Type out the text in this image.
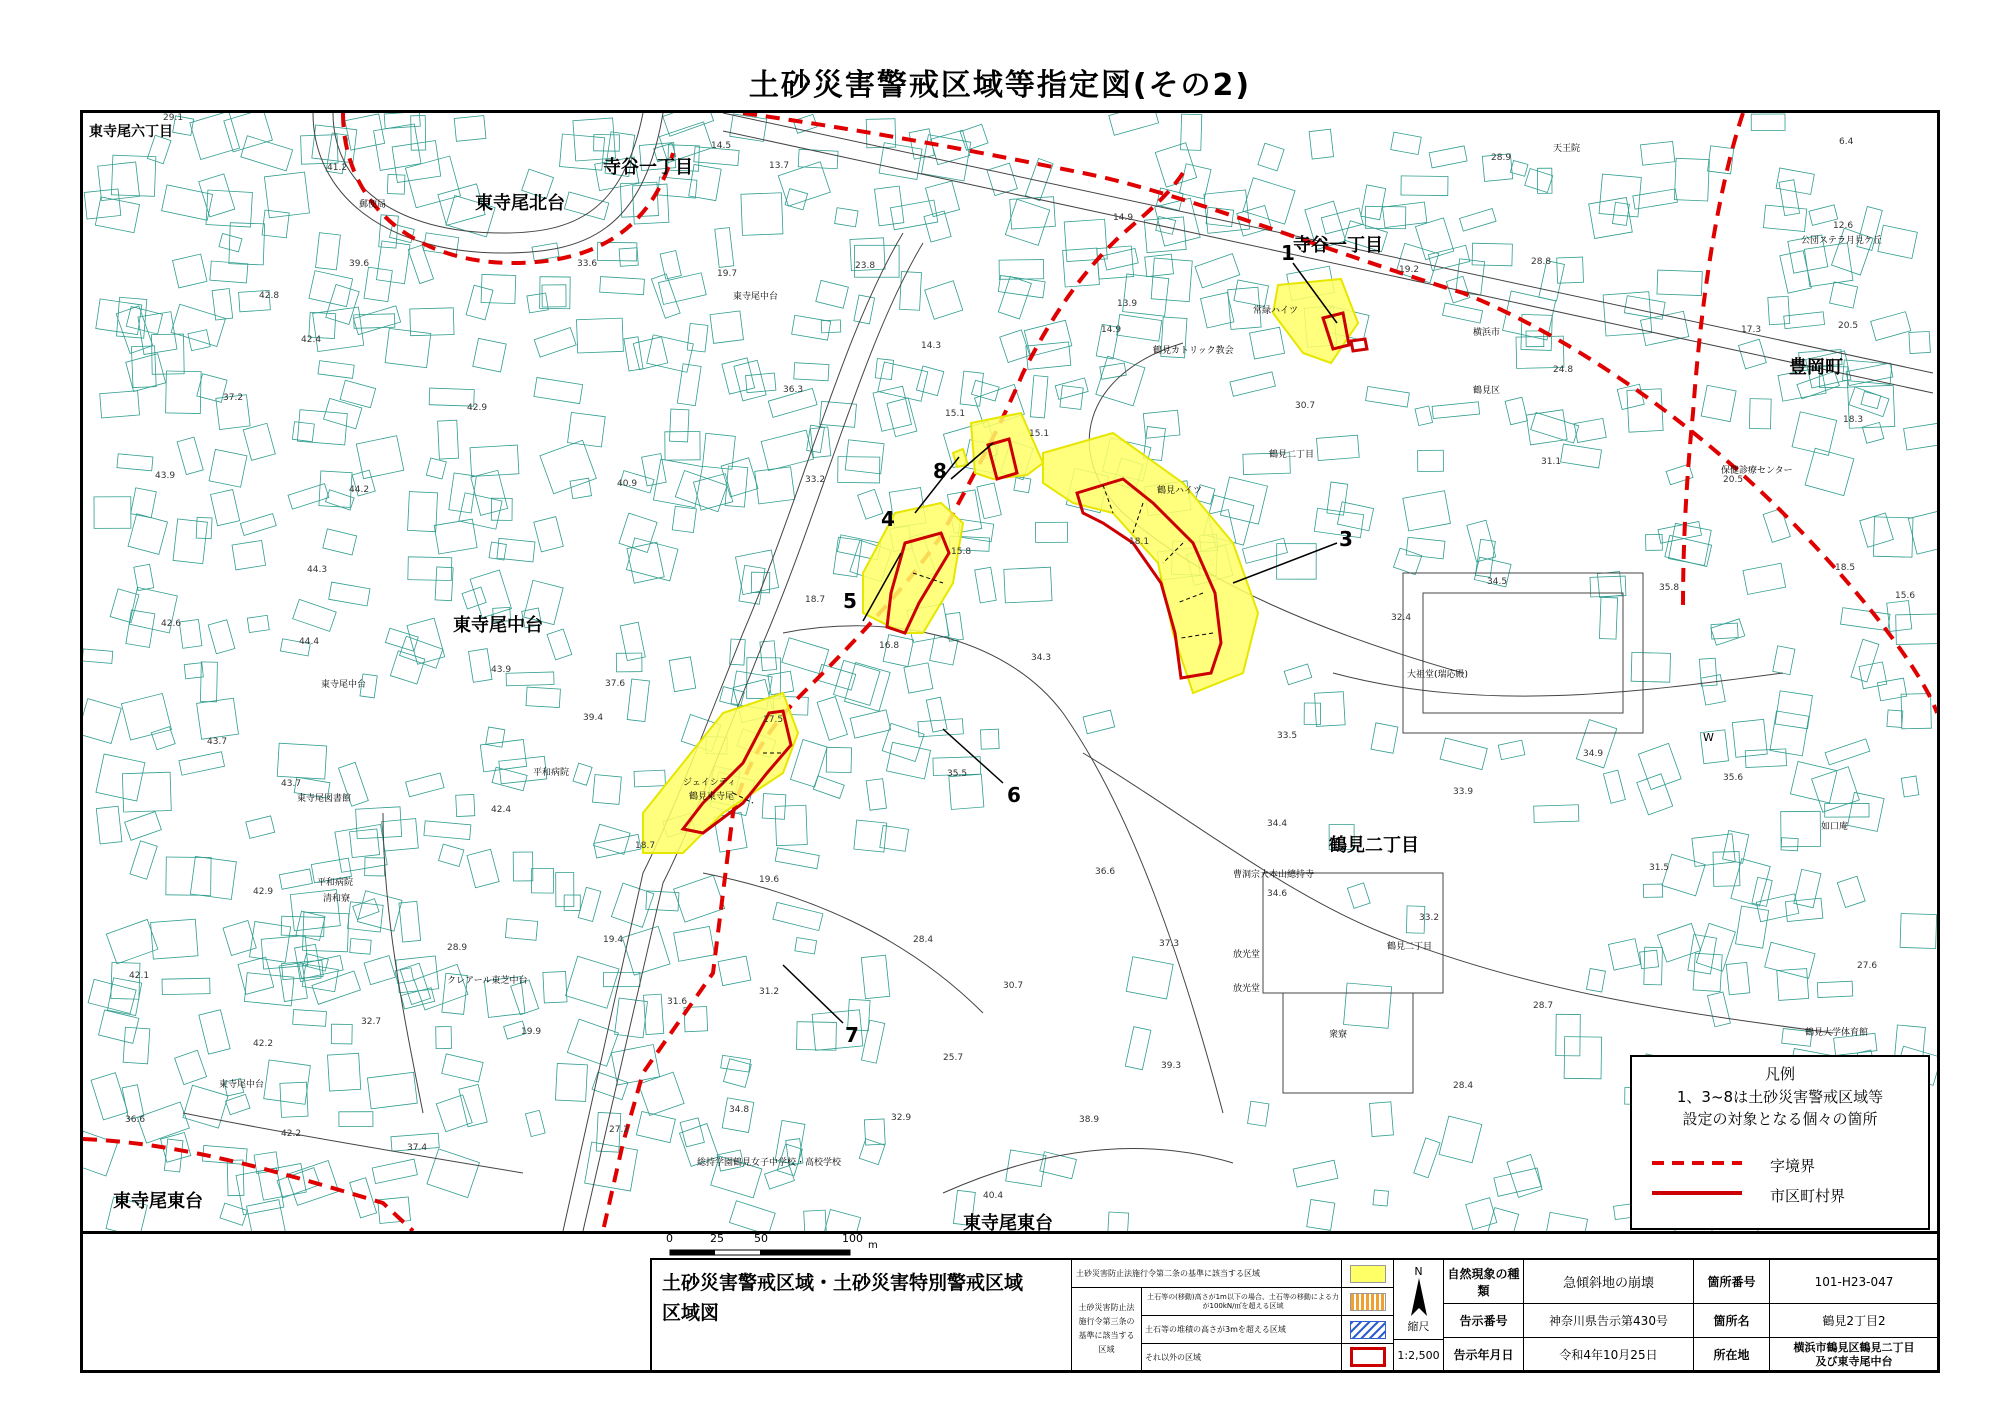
土砂災害警戒区域等指定図(その2)
東寺尾六丁目
東寺尾北台
寺谷一丁目
寺谷一丁目
豊岡町
東寺尾中台
鶴見二丁目
東寺尾東台
東寺尾東台
郵便局
東寺尾中台
鶴見カトリック教会
常緑ハイツ
横浜市
鶴見区
天王院
公団ステラ月見ケ丘
保健診療センター
鶴見二丁目
鶴見ハイツ
大祖堂(瑞応殿)
東寺尾中台
平和病院
東寺尾図書館
ジェイシティ
鶴見東寺尾
平和病院
清和寮
クレアール東芝中台
東寺尾中台
曹洞宗大本山總持寺
鶴見二丁目
放光堂
放光堂
衆寮
如口庵
鶴見大学体育館
総持学園鶴見女子中学校・高校学校
W
29.1
41.2
14.5
13.7
28.9
6.4
39.6	33.6
19.7
23.8
12.6
14.9
42.8
19.2
28.8
13.9
14.9	20.5
42.4
14.3
36.3
17.3
37.2
42.9
15.1
30.7
24.8
18.3
15.1
43.9
44.2
40.9	33.2
31.1
20.5
15.8
18.1
44.3
18.7
42.6
44.4	16.8
34.3
32.4
34.5
35.8
18.5
15.6
43.9
37.6
39.4	17.5
33.5
34.9
35.6
43.7
35.5
33.9
43.7
42.4
34.4
18.7
42.9
19.6
36.6
34.6
31.5
28.9
19.4	28.4	37.3
33.2
27.6
42.1
30.7
31.2
31.6	28.7
32.7
19.9
42.2
25.7
39.3
28.4
36.6
34.8
32.9	38.9
27.2
42.2
37.4
40.4
1
3
4
5
6
7
8
凡例
1、3~8は土砂災害警戒区域等
設定の対象となる個々の箇所
字境界
市区町村界
0	25	50	100
m
土砂災害警戒区域・土砂災害特別警戒区域
区域図
土砂災害防止法施行令第二条の基準に該当する区域
土砂災害防止法
施行令第三条の
基準に該当する
区域
土石等の(移動)高さが1m以下の場合、土石等の移動による力が100kN/㎡を超える区域
土石等の堆積の高さが3mを超える区域
それ以外の区域
N
縮尺
1:2,500
自然現象の種類	急傾斜地の崩壊
告示番号	神奈川県告示第430号
告示年月日	令和4年10月25日
箇所番号	101-H23-047
箇所名	鶴見2丁目2
所在地
横浜市鶴見区鶴見二丁目
及び東寺尾中台
